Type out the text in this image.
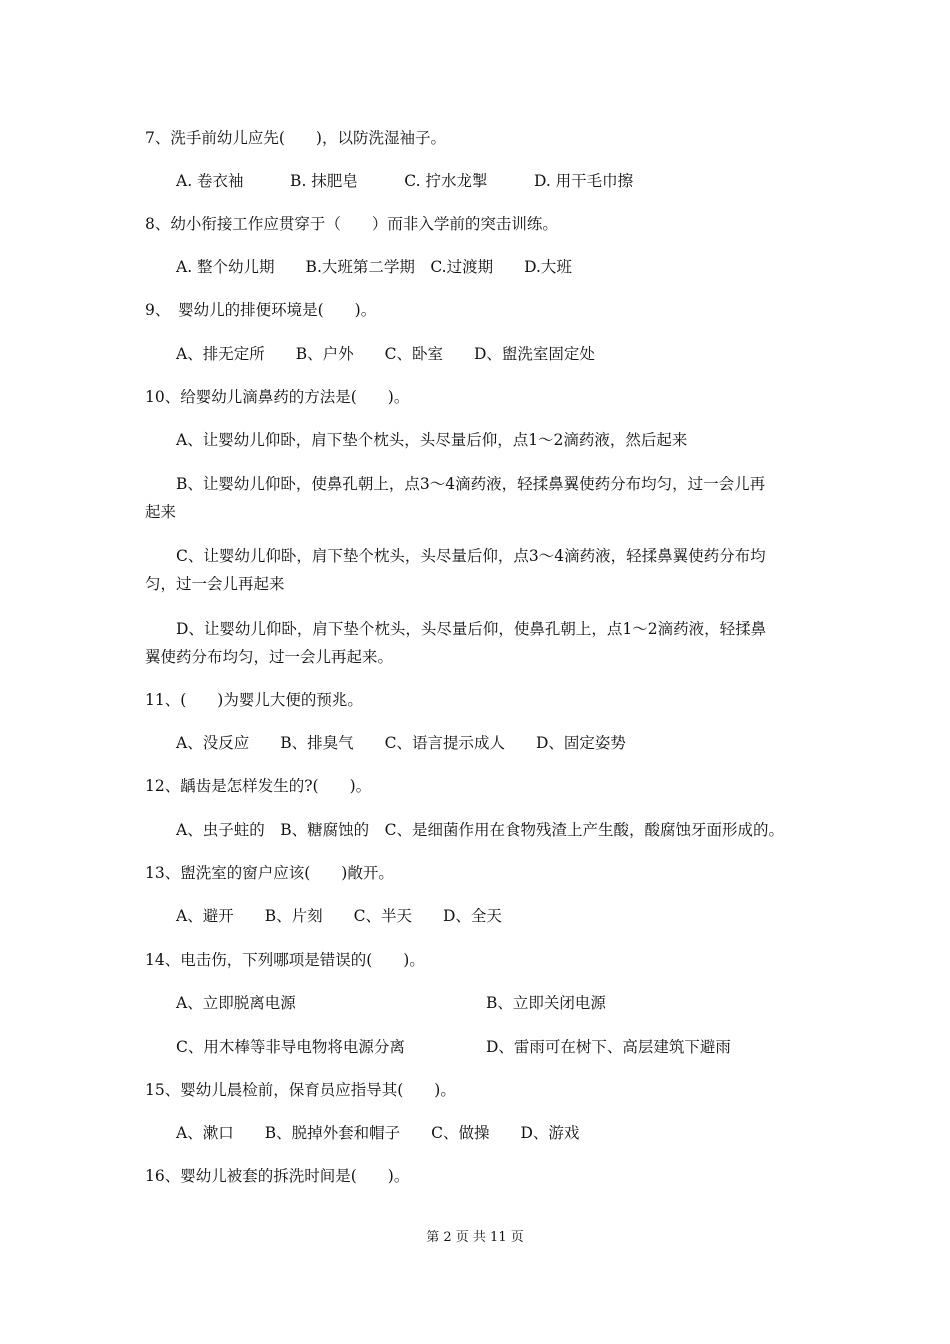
7、洗手前幼儿应先(　　)，以防洗湿袖子。
A. 卷衣袖　　　B. 抹肥皂　　　C. 拧水龙掣　　　D. 用干毛巾擦
8、幼小衔接工作应贯穿于（　　）而非入学前的突击训练。
A. 整个幼儿期　　B.大班第二学期　C.过渡期　　D.大班
9、　婴幼儿的排便环境是(　　)。
A、排无定所　　B、户外　　C、卧室　　D、盥洗室固定处
10、给婴幼儿滴鼻药的方法是(　　)。
A、让婴幼儿仰卧，肩下垫个枕头，头尽量后仰，点1～2滴药液，然后起来
B、让婴幼儿仰卧，使鼻孔朝上，点3～4滴药液，轻揉鼻翼使药分布均匀，过一会儿再
起来
C、让婴幼儿仰卧，肩下垫个枕头，头尽量后仰，点3～4滴药液，轻揉鼻翼使药分布均
匀，过一会儿再起来
D、让婴幼儿仰卧，肩下垫个枕头，头尽量后仰，使鼻孔朝上，点1～2滴药液，轻揉鼻
翼使药分布均匀，过一会儿再起来。
11、(　　)为婴儿大便的预兆。
A、没反应　　B、排臭气　　C、语言提示成人　　D、固定姿势
12、龋齿是怎样发生的?(　　)。
A、虫子蛀的　B、糖腐蚀的　C、是细菌作用在食物残渣上产生酸，酸腐蚀牙面形成的。
13、盥洗室的窗户应该(　　)敞开。
A、避开　　B、片刻　　C、半天　　D、全天
14、电击伤，下列哪项是错误的(　　)。
A、立即脱离电源	B、立即关闭电源
C、用木棒等非导电物将电源分离	D、雷雨可在树下、高层建筑下避雨
15、婴幼儿晨检前，保育员应指导其(　　)。
A、漱口　　B、脱掉外套和帽子　　C、做操　　D、游戏
16、婴幼儿被套的拆洗时间是(　　)。
第 2 页 共 11 页
